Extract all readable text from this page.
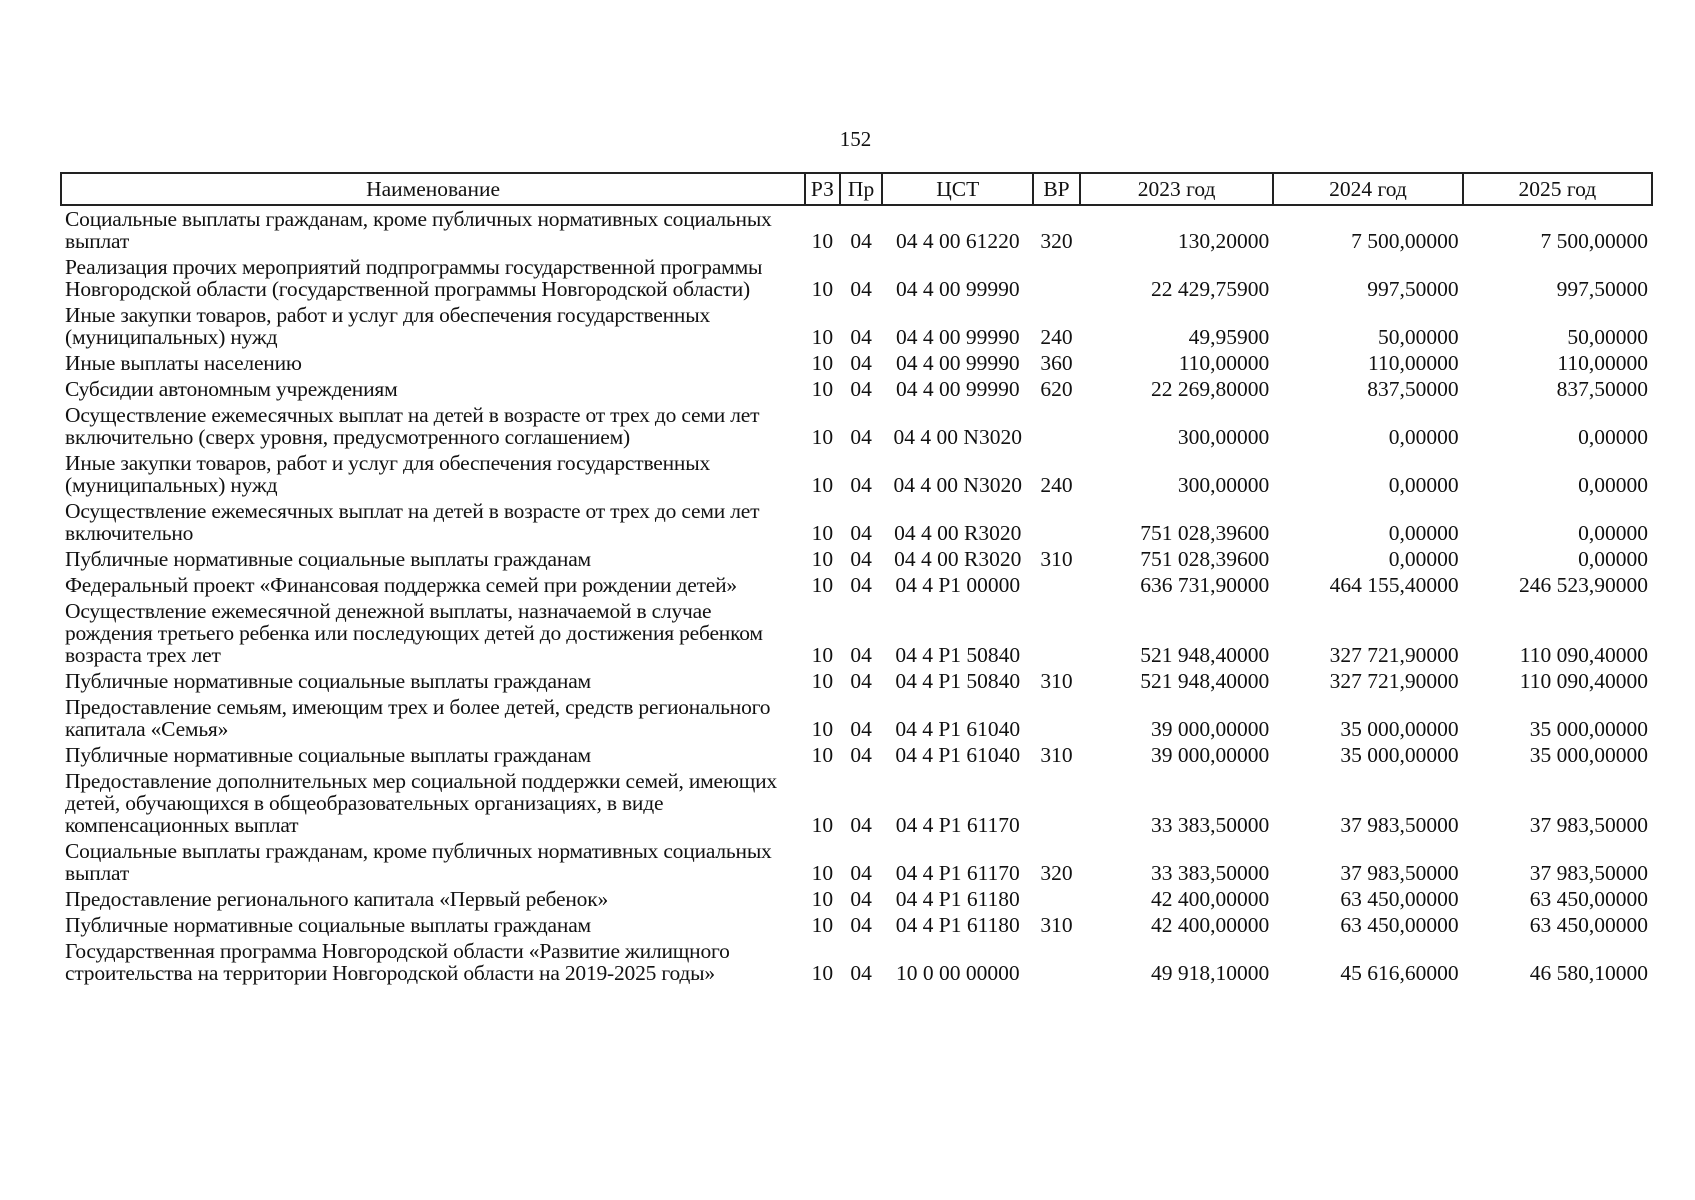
152
Наименование	РЗ	Пр	ЦСТ	ВР	2023 год	2024 год	2025 год
Социальные выплаты гражданам, кроме публичных нормативных социальных выплат	10	04	04 4 00 61220	320	130,20000	7 500,00000	7 500,00000
Реализация прочих мероприятий подпрограммы государственной программы Новгородской области (государственной программы Новгородской области)	10	04	04 4 00 99990		22 429,75900	997,50000	997,50000
Иные закупки товаров, работ и услуг для обеспечения государственных (муниципальных) нужд	10	04	04 4 00 99990	240	49,95900	50,00000	50,00000
Иные выплаты населению	10	04	04 4 00 99990	360	110,00000	110,00000	110,00000
Субсидии автономным учреждениям	10	04	04 4 00 99990	620	22 269,80000	837,50000	837,50000
Осуществление ежемесячных выплат на детей в возрасте от трех до семи лет включительно (сверх уровня, предусмотренного соглашением)	10	04	04 4 00 N3020		300,00000	0,00000	0,00000
Иные закупки товаров, работ и услуг для обеспечения государственных (муниципальных) нужд	10	04	04 4 00 N3020	240	300,00000	0,00000	0,00000
Осуществление ежемесячных выплат на детей в возрасте от трех до семи лет включительно	10	04	04 4 00 R3020		751 028,39600	0,00000	0,00000
Публичные нормативные социальные выплаты гражданам	10	04	04 4 00 R3020	310	751 028,39600	0,00000	0,00000
Федеральный проект «Финансовая поддержка семей при рождении детей»	10	04	04 4 P1 00000		636 731,90000	464 155,40000	246 523,90000
Осуществление ежемесячной денежной выплаты, назначаемой в случае рождения третьего ребенка или последующих детей до достижения ребенком возраста трех лет	10	04	04 4 P1 50840		521 948,40000	327 721,90000	110 090,40000
Публичные нормативные социальные выплаты гражданам	10	04	04 4 P1 50840	310	521 948,40000	327 721,90000	110 090,40000
Предоставление семьям, имеющим трех и более детей, средств регионального капитала «Семья»	10	04	04 4 P1 61040		39 000,00000	35 000,00000	35 000,00000
Публичные нормативные социальные выплаты гражданам	10	04	04 4 P1 61040	310	39 000,00000	35 000,00000	35 000,00000
Предоставление дополнительных мер социальной поддержки семей, имеющих детей, обучающихся в общеобразовательных организациях, в виде компенсационных выплат	10	04	04 4 P1 61170		33 383,50000	37 983,50000	37 983,50000
Социальные выплаты гражданам, кроме публичных нормативных социальных выплат	10	04	04 4 P1 61170	320	33 383,50000	37 983,50000	37 983,50000
Предоставление регионального капитала «Первый ребенок»	10	04	04 4 P1 61180		42 400,00000	63 450,00000	63 450,00000
Публичные нормативные социальные выплаты гражданам	10	04	04 4 P1 61180	310	42 400,00000	63 450,00000	63 450,00000
Государственная программа Новгородской области «Развитие жилищного строительства на территории Новгородской области на 2019-2025 годы»	10	04	10 0 00 00000		49 918,10000	45 616,60000	46 580,10000
